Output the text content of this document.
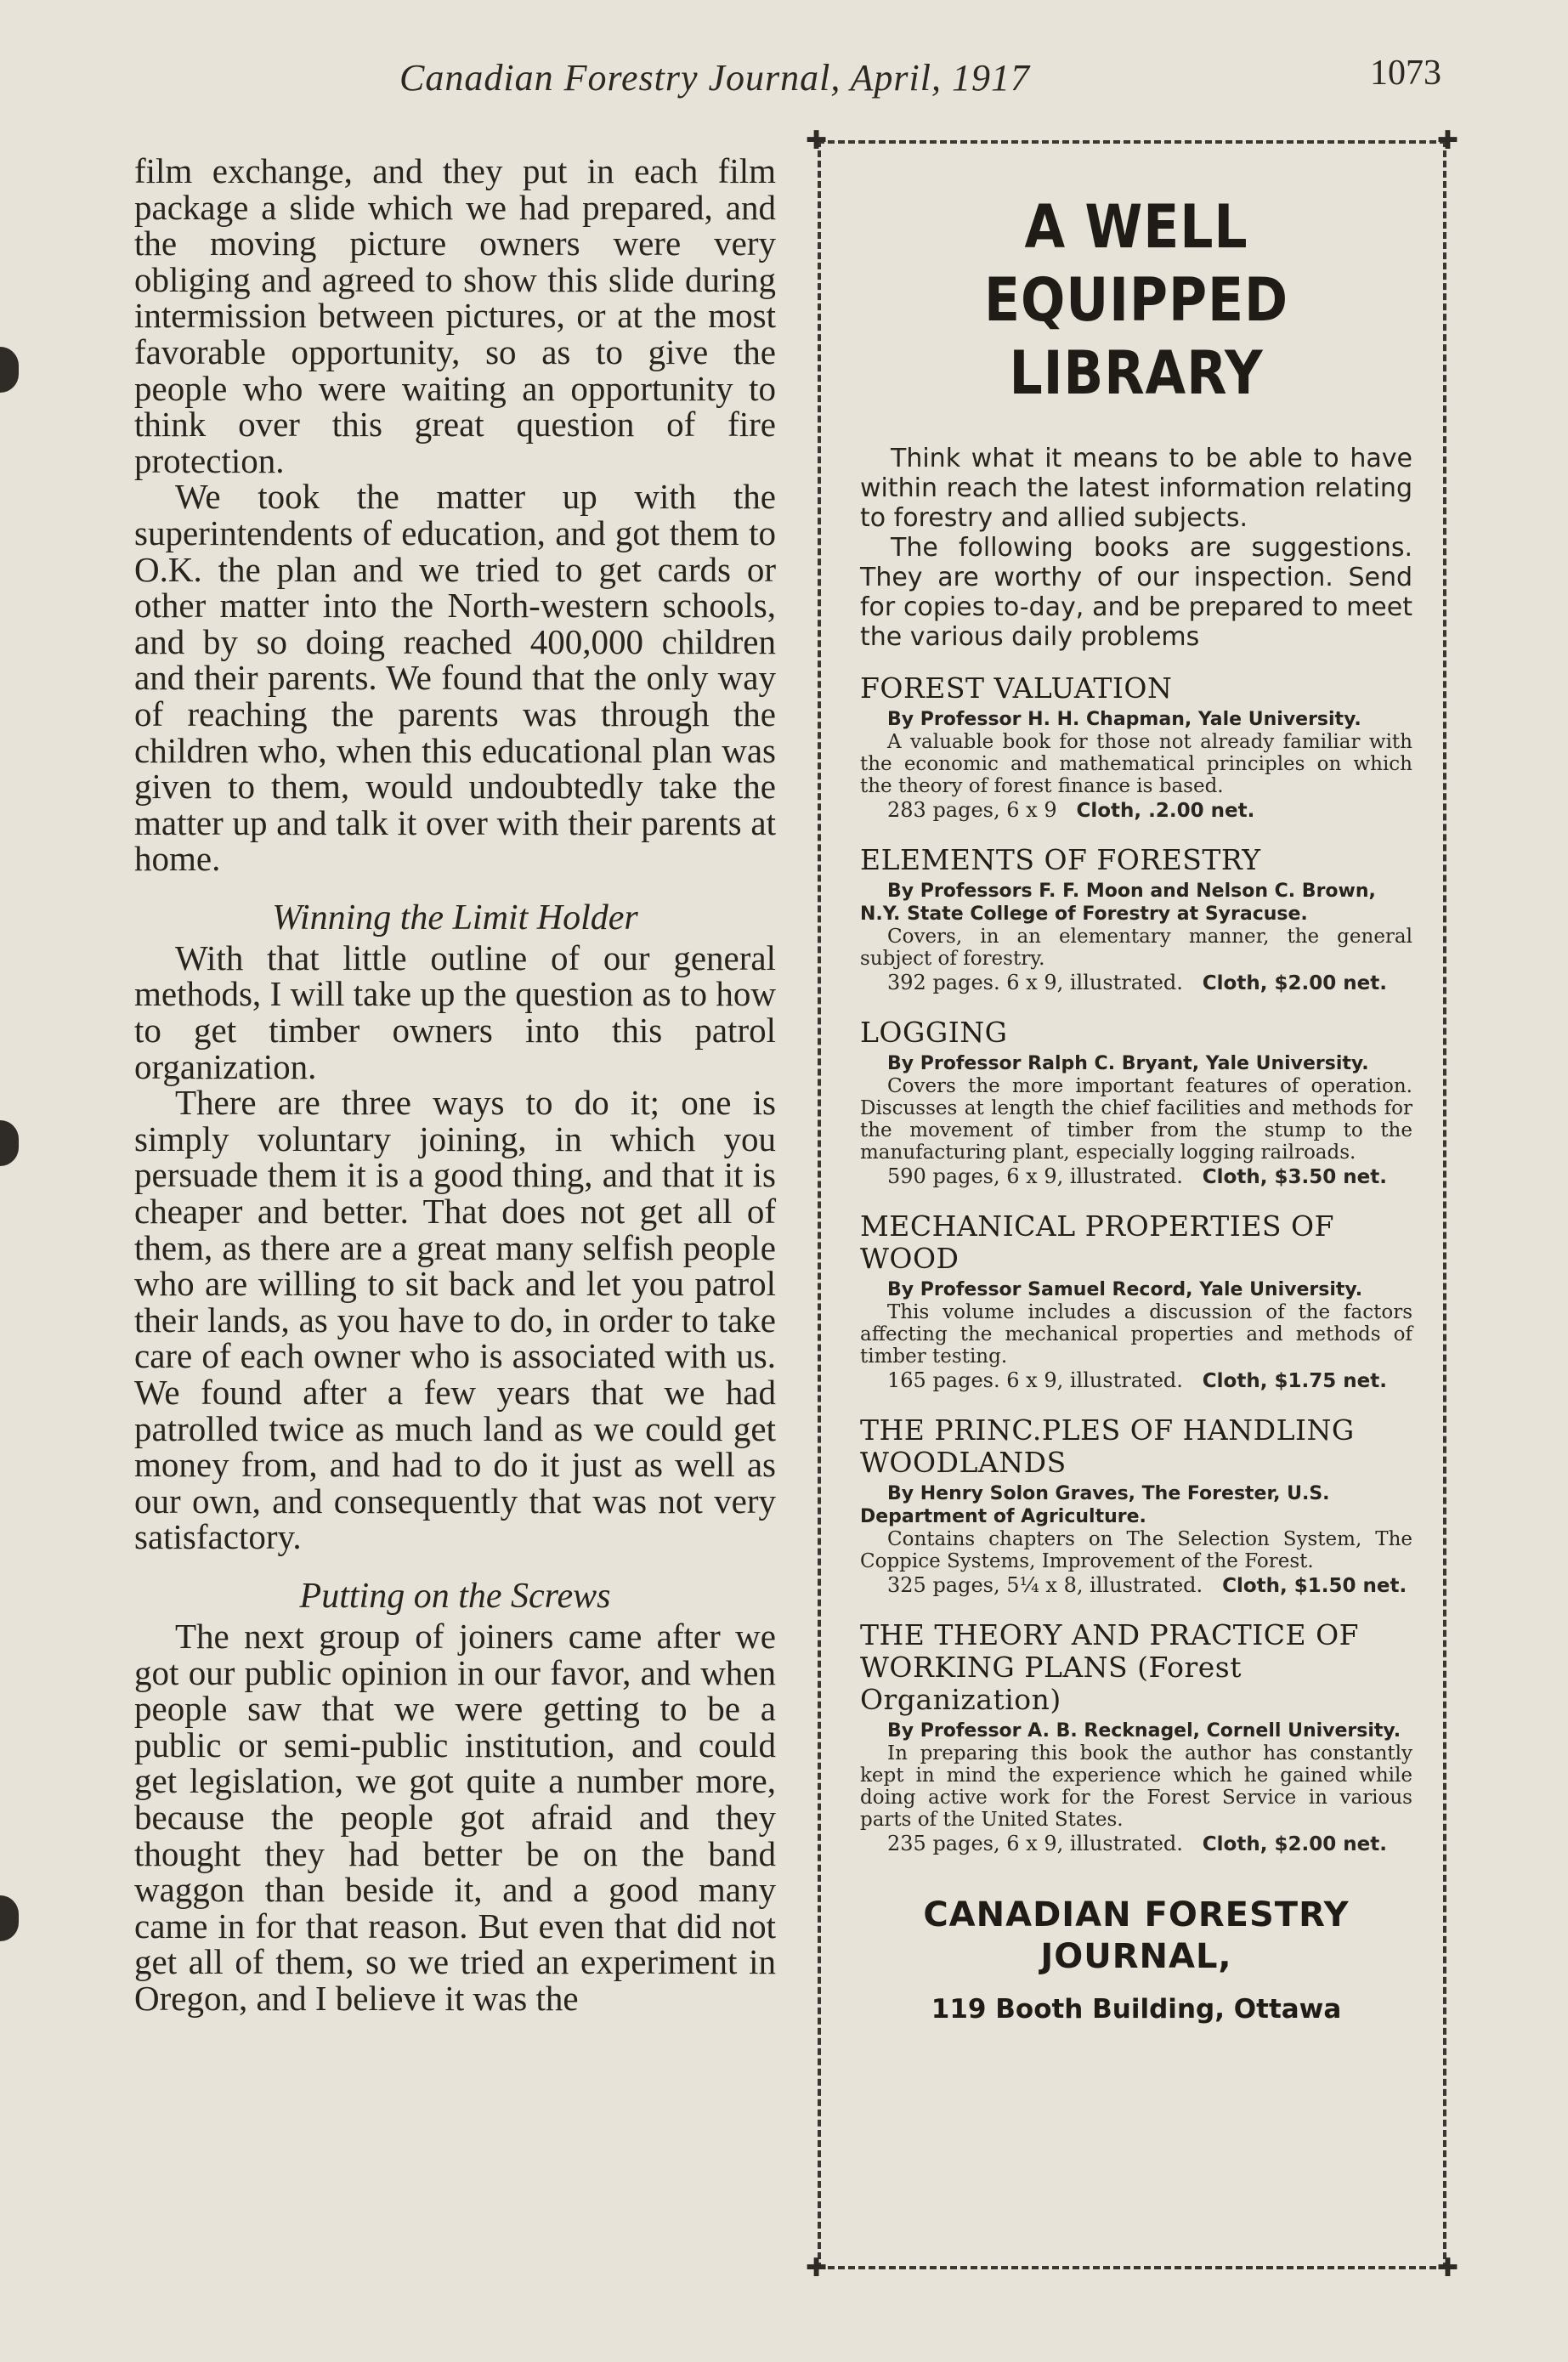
Canadian Forestry Journal, April, 1917	1073

film exchange, and they put in each film package a slide which we had prepared, and the moving picture owners were very obliging and agreed to show this slide during intermission between pictures, or at the most favorable opportunity, so as to give the people who were waiting an opportunity to think over this great question of fire protection.

We took the matter up with the superintendents of education, and got them to O.K. the plan and we tried to get cards or other matter into the North-western schools, and by so doing reached 400,000 children and their parents. We found that the only way of reaching the parents was through the children who, when this educational plan was given to them, would undoubtedly take the matter up and talk it over with their parents at home.

Winning the Limit Holder

With that little outline of our general methods, I will take up the question as to how to get timber owners into this patrol organization.

There are three ways to do it; one is simply voluntary joining, in which you persuade them it is a good thing, and that it is cheaper and better. That does not get all of them, as there are a great many selfish people who are willing to sit back and let you patrol their lands, as you have to do, in order to take care of each owner who is associated with us. We found after a few years that we had patrolled twice as much land as we could get money from, and had to do it just as well as our own, and consequently that was not very satisfactory.

Putting on the Screws

The next group of joiners came after we got our public opinion in our favor, and when people saw that we were getting to be a public or semi-public institution, and could get legislation, we got quite a number more, because the people got afraid and they thought they had better be on the band waggon than beside it, and a good many came in for that reason. But even that did not get all of them, so we tried an experiment in Oregon, and I believe it was the

✚	✚
✚	✚
A WELL EQUIPPED
LIBRARY

Think what it means to be able to have within reach the latest information relating to forestry and allied subjects.

The following books are suggestions. They are worthy of our inspection. Send for copies to-day, and be prepared to meet the various daily problems

FOREST VALUATION

By Professor H. H. Chapman, Yale University.

A valuable book for those not already familiar with the economic and mathematical principles on which the theory of forest finance is based.

283 pages, 6 x 9 Cloth, .2.00 net.

ELEMENTS OF FORESTRY

By Professors F. F. Moon and Nelson C. Brown, N.Y. State College of Forestry at Syracuse.

Covers, in an elementary manner, the general subject of forestry.

392 pages. 6 x 9, illustrated. Cloth, $2.00 net.

LOGGING

By Professor Ralph C. Bryant, Yale University.

Covers the more important features of operation. Discusses at length the chief facilities and methods for the movement of timber from the stump to the manufacturing plant, especially logging railroads.

590 pages, 6 x 9, illustrated. Cloth, $3.50 net.

MECHANICAL PROPERTIES OF WOOD

By Professor Samuel Record, Yale University.

This volume includes a discussion of the factors affecting the mechanical properties and methods of timber testing.

165 pages. 6 x 9, illustrated. Cloth, $1.75 net.

THE PRINC.PLES OF HANDLING WOODLANDS

By Henry Solon Graves, The Forester, U.S. Department of Agriculture.

Contains chapters on The Selection System, The Coppice Systems, Improvement of the Forest.

325 pages, 5¼ x 8, illustrated. Cloth, $1.50 net.

THE THEORY AND PRACTICE OF WORKING PLANS (Forest Organization)

By Professor A. B. Recknagel, Cornell University.

In preparing this book the author has constantly kept in mind the experience which he gained while doing active work for the Forest Service in various parts of the United States.

235 pages, 6 x 9, illustrated. Cloth, $2.00 net.

CANADIAN FORESTRY
JOURNAL,
119 Booth Building, Ottawa
